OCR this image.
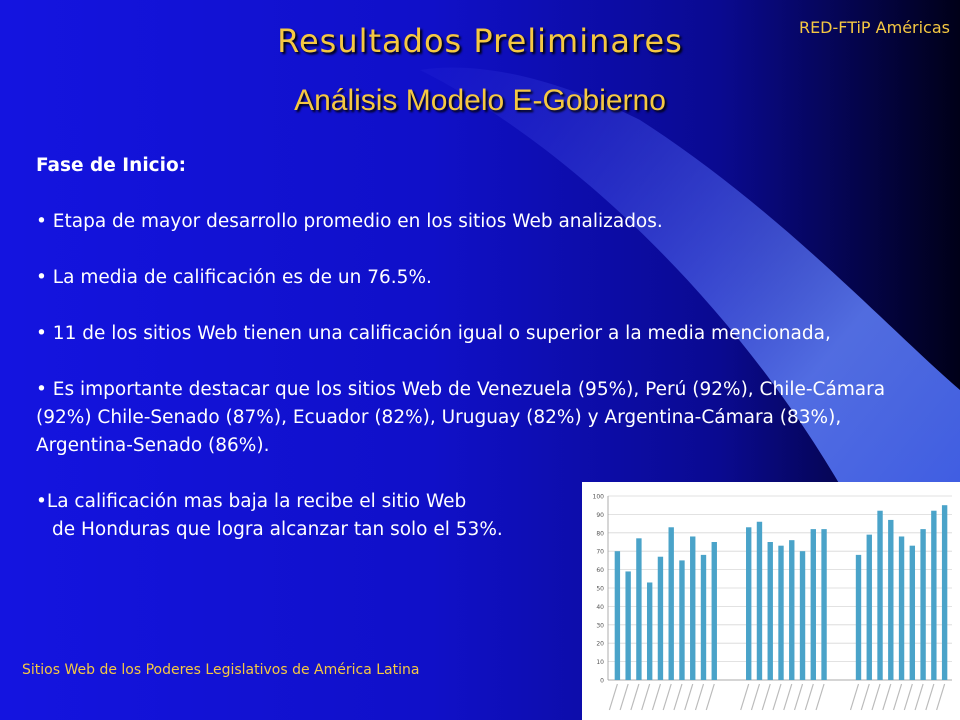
RED-FTiP Américas
Resultados Preliminares
Análisis Modelo E-Gobierno

Fase de Inicio:

• Etapa de mayor desarrollo promedio en los sitios Web analizados.

• La media de calificación es de un 76.5%.

• 11 de los sitios Web tienen una calificación igual o superior a la media mencionada,

• Es importante destacar que los sitios Web de Venezuela (95%), Perú (92%), Chile-Cámara (92%) Chile-Senado (87%), Ecuador (82%), Uruguay (82%) y Argentina-Cámara (83%), Argentina-Senado (86%).

•La calificación mas baja la recibe el sitio Web

de Honduras que logra alcanzar tan solo el 53%.

0
10
20
30
40
50
60
70
80
90
100
Sitios Web de los Poderes Legislativos de América Latina
